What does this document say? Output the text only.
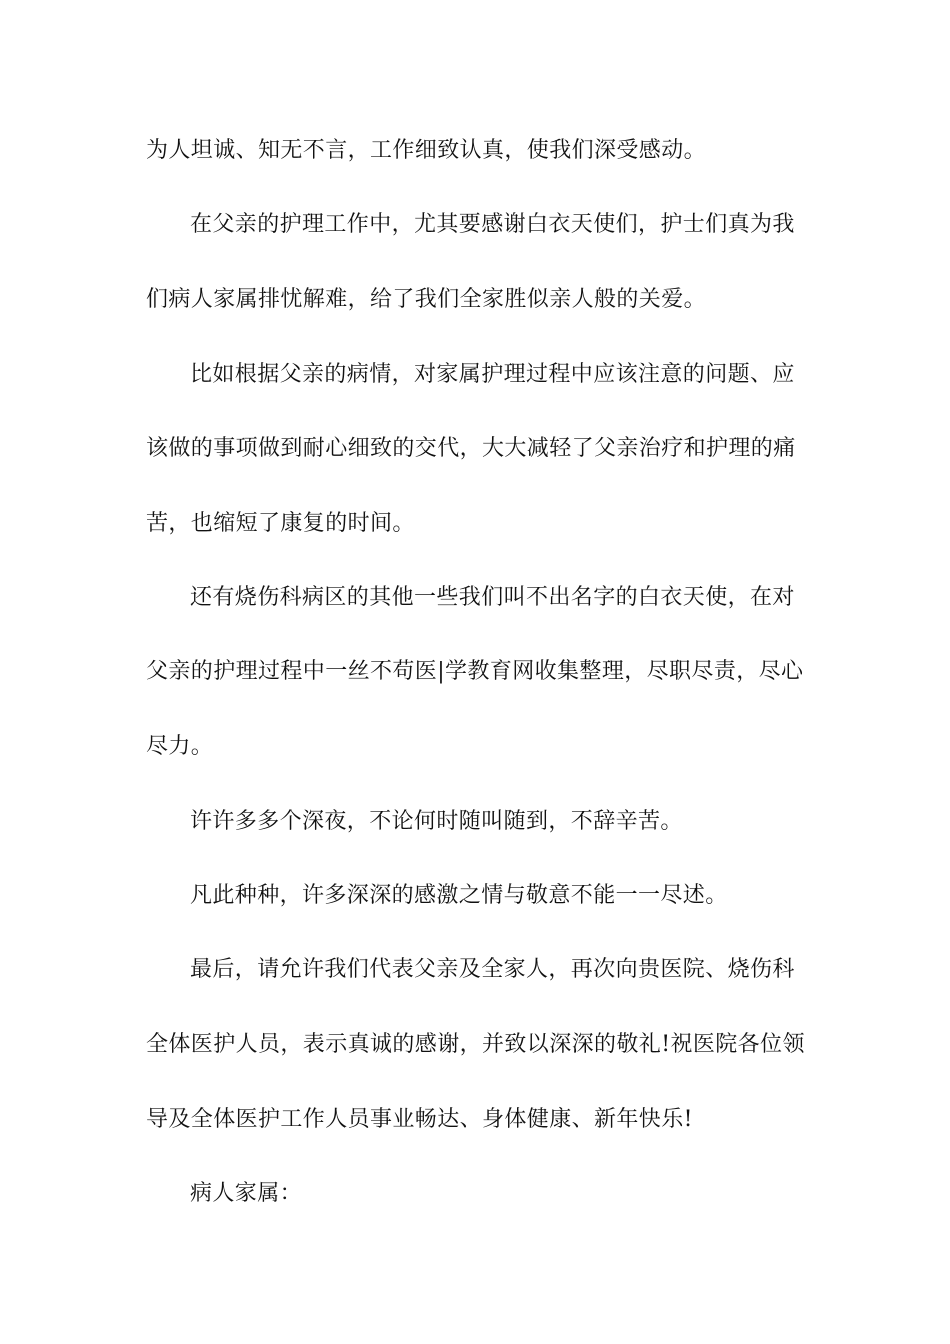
为人坦诚、知无不言，工作细致认真，使我们深受感动。
在父亲的护理工作中，尤其要感谢白衣天使们，护士们真为我
们病人家属排忧解难，给了我们全家胜似亲人般的关爱。
比如根据父亲的病情，对家属护理过程中应该注意的问题、应
该做的事项做到耐心细致的交代，大大减轻了父亲治疗和护理的痛
苦，也缩短了康复的时间。
还有烧伤科病区的其他一些我们叫不出名字的白衣天使，在对
父亲的护理过程中一丝不苟医|学教育网收集整理，尽职尽责，尽心
尽力。
许许多多个深夜，不论何时随叫随到，不辞辛苦。
凡此种种，许多深深的感激之情与敬意不能一一尽述。
最后，请允许我们代表父亲及全家人，再次向贵医院、烧伤科
全体医护人员，表示真诚的感谢，并致以深深的敬礼!祝医院各位领
导及全体医护工作人员事业畅达、身体健康、新年快乐!
病人家属：
